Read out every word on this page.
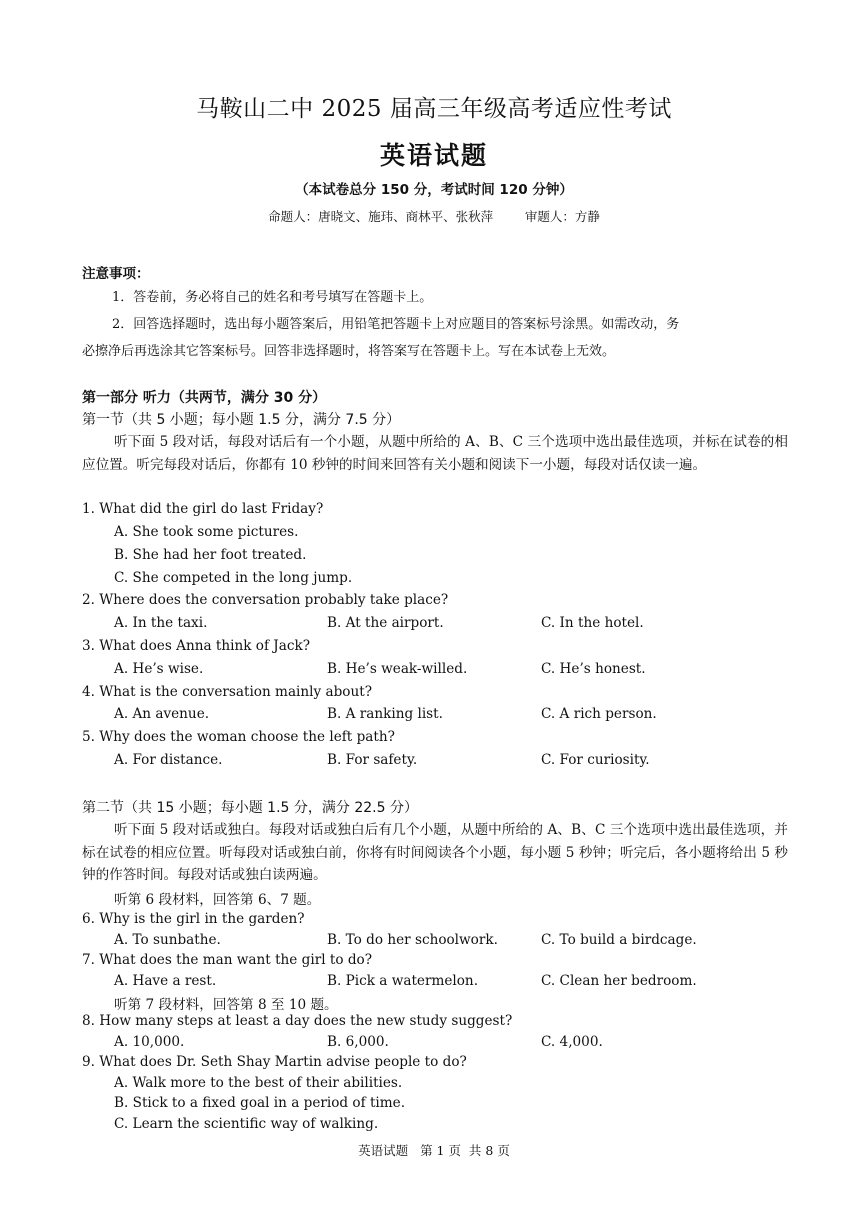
马鞍山二中 2025 届高三年级高考适应性考试
英语试题
（本试卷总分 150 分，考试时间 120 分钟）
命题人：唐晓文、施玮、商林平、张秋萍        审题人：方静
注意事项：
1．答卷前，务必将自己的姓名和考号填写在答题卡上。
2．回答选择题时，选出每小题答案后，用铅笔把答题卡上对应题目的答案标号涂黑。如需改动，务
必擦净后再选涂其它答案标号。回答非选择题时，将答案写在答题卡上。写在本试卷上无效。
第一部分 听力（共两节，满分 30 分）
第一节（共 5 小题；每小题 1.5 分，满分 7.5 分）
听下面 5 段对话，每段对话后有一个小题，从题中所给的 A、B、C 三个选项中选出最佳选项，并标在试卷的相应位置。听完每段对话后，你都有 10 秒钟的时间来回答有关小题和阅读下一小题，每段对话仅读一遍。
1. What did the girl do last Friday?
A. She took some pictures.
B. She had her foot treated.
C. She competed in the long jump.
2. Where does the conversation probably take place?
A. In the taxi.	B. At the airport.	C. In the hotel.
3. What does Anna think of Jack?
A. He’s wise.	B. He’s weak-willed.	C. He’s honest.
4. What is the conversation mainly about?
A. An avenue.	B. A ranking list.	C. A rich person.
5. Why does the woman choose the left path?
A. For distance.	B. For safety.	C. For curiosity.
第二节（共 15 小题；每小题 1.5 分，满分 22.5 分）
听下面 5 段对话或独白。每段对话或独白后有几个小题，从题中所给的 A、B、C 三个选项中选出最佳选项，并标在试卷的相应位置。听每段对话或独白前，你将有时间阅读各个小题，每小题 5 秒钟；听完后，各小题将给出 5 秒钟的作答时间。每段对话或独白读两遍。
听第 6 段材料，回答第 6、7 题。
6. Why is the girl in the garden?
A. To sunbathe.	B. To do her schoolwork.	C. To build a birdcage.
7. What does the man want the girl to do?
A. Have a rest.	B. Pick a watermelon.	C. Clean her bedroom.
听第 7 段材料，回答第 8 至 10 题。
8. How many steps at least a day does the new study suggest?
A. 10,000.	B. 6,000.	C. 4,000.
9. What does Dr. Seth Shay Martin advise people to do?
A. Walk more to the best of their abilities.
B. Stick to a fixed goal in a period of time.
C. Learn the scientific way of walking.
英语试题   第 1 页  共 8 页
